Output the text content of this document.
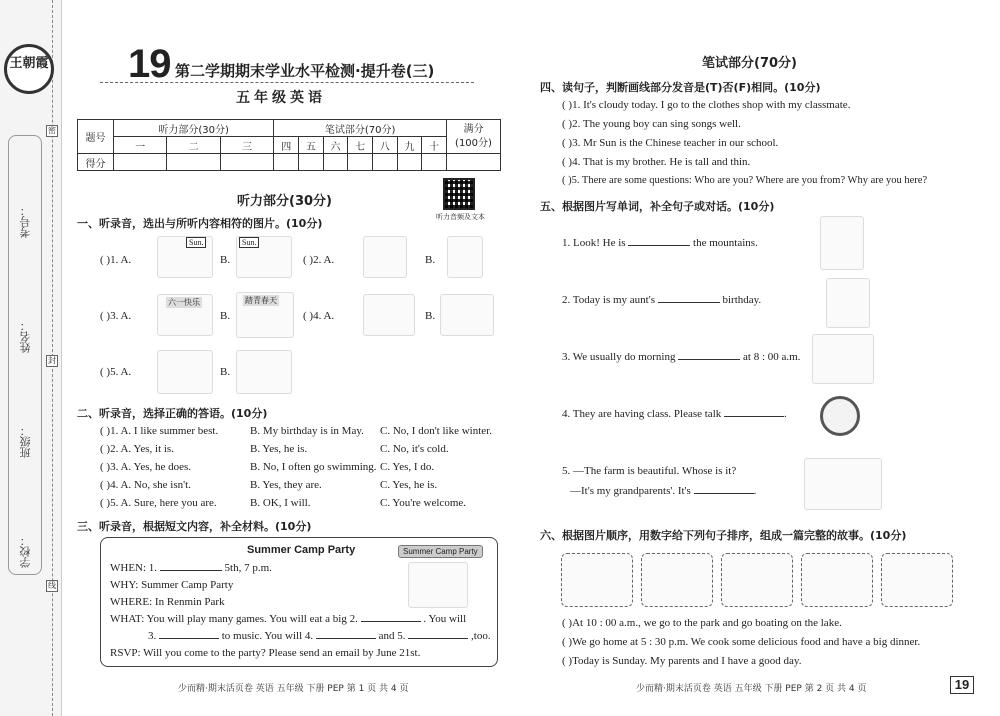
考号：
姓名：
班级：
学校：
密
封
线
王朝霞 19 第二学期期末学业水平检测·提升卷(三)
五年级英语
题号	听力部分(30分)			笔试部分(70分)							满分
(100分)

	一	二	三	四	五	六	七	八	九	十	
得分											
听力部分(30分)
听力音频及文本
一、听录音，选出与所听内容相符的图片。(10分)
( )1. A.
Sun.
B.
Sun.
( )2. A.	B.
( )3. A.
六一快乐
B.
踏青春天
( )4. A.	B.
( )5. A.	B.
二、听录音，选择正确的答语。(10分)
( )1. A. I like summer best.	B. My birthday is in May. C. No, I don't like winter.
( )2. A. Yes, it is.	B. Yes, he is.	C. No, it's cold.
( )3. A. Yes, he does.	B. No, I often go swimming. C. Yes, I do.
( )4. A. No, she isn't.	B. Yes, they are.	C. Yes, he is.
( )5. A. Sure, here you are.	B. OK, I will.	C. You're welcome.
三、听录音，根据短文内容，补全材料。(10分)
Summer Camp Party	Summer Camp Party
WHEN: 1.	5th, 7 p.m.
WHY: Summer Camp Party
WHERE: In Renmin Park
WHAT: You will play many games. You will eat a big 2.	. You will
3.	to music. You will 4.	and 5.	,too.
RSVP: Will you come to the party? Please send an email by June 21st.
少而精·期末活页卷 英语 五年级 下册 PEP 第 1 页 共 4 页
笔试部分(70分)
四、读句子，判断画线部分发音是(T)否(F)相同。(10分)
( )1. It's cloudy today. I go to the clothes shop with my classmate.
( )2. The young boy can sing songs well.
( )3. Mr Sun is the Chinese teacher in our school.
( )4. That is my brother. He is tall and thin.
( )5. There are some questions: Who are you? Where are you from? Why are you here?
五、根据图片写单词，补全句子或对话。(10分)
1. Look! He is	the mountains.
2. Today is my aunt's	birthday.
3. We usually do morning	at 8 : 00 a.m.
4. They are having class. Please talk	.
5. —The farm is beautiful. Whose is it?
—It's my grandparents'. It's	.
六、根据图片顺序，用数字给下列句子排序，组成一篇完整的故事。(10分)
( )At 10 : 00 a.m., we go to the park and go boating on the lake.
( )We go home at 5 : 30 p.m. We cook some delicious food and have a big dinner.
( )Today is Sunday. My parents and I have a good day.
少而精·期末活页卷 英语 五年级 下册 PEP 第 2 页 共 4 页	19
